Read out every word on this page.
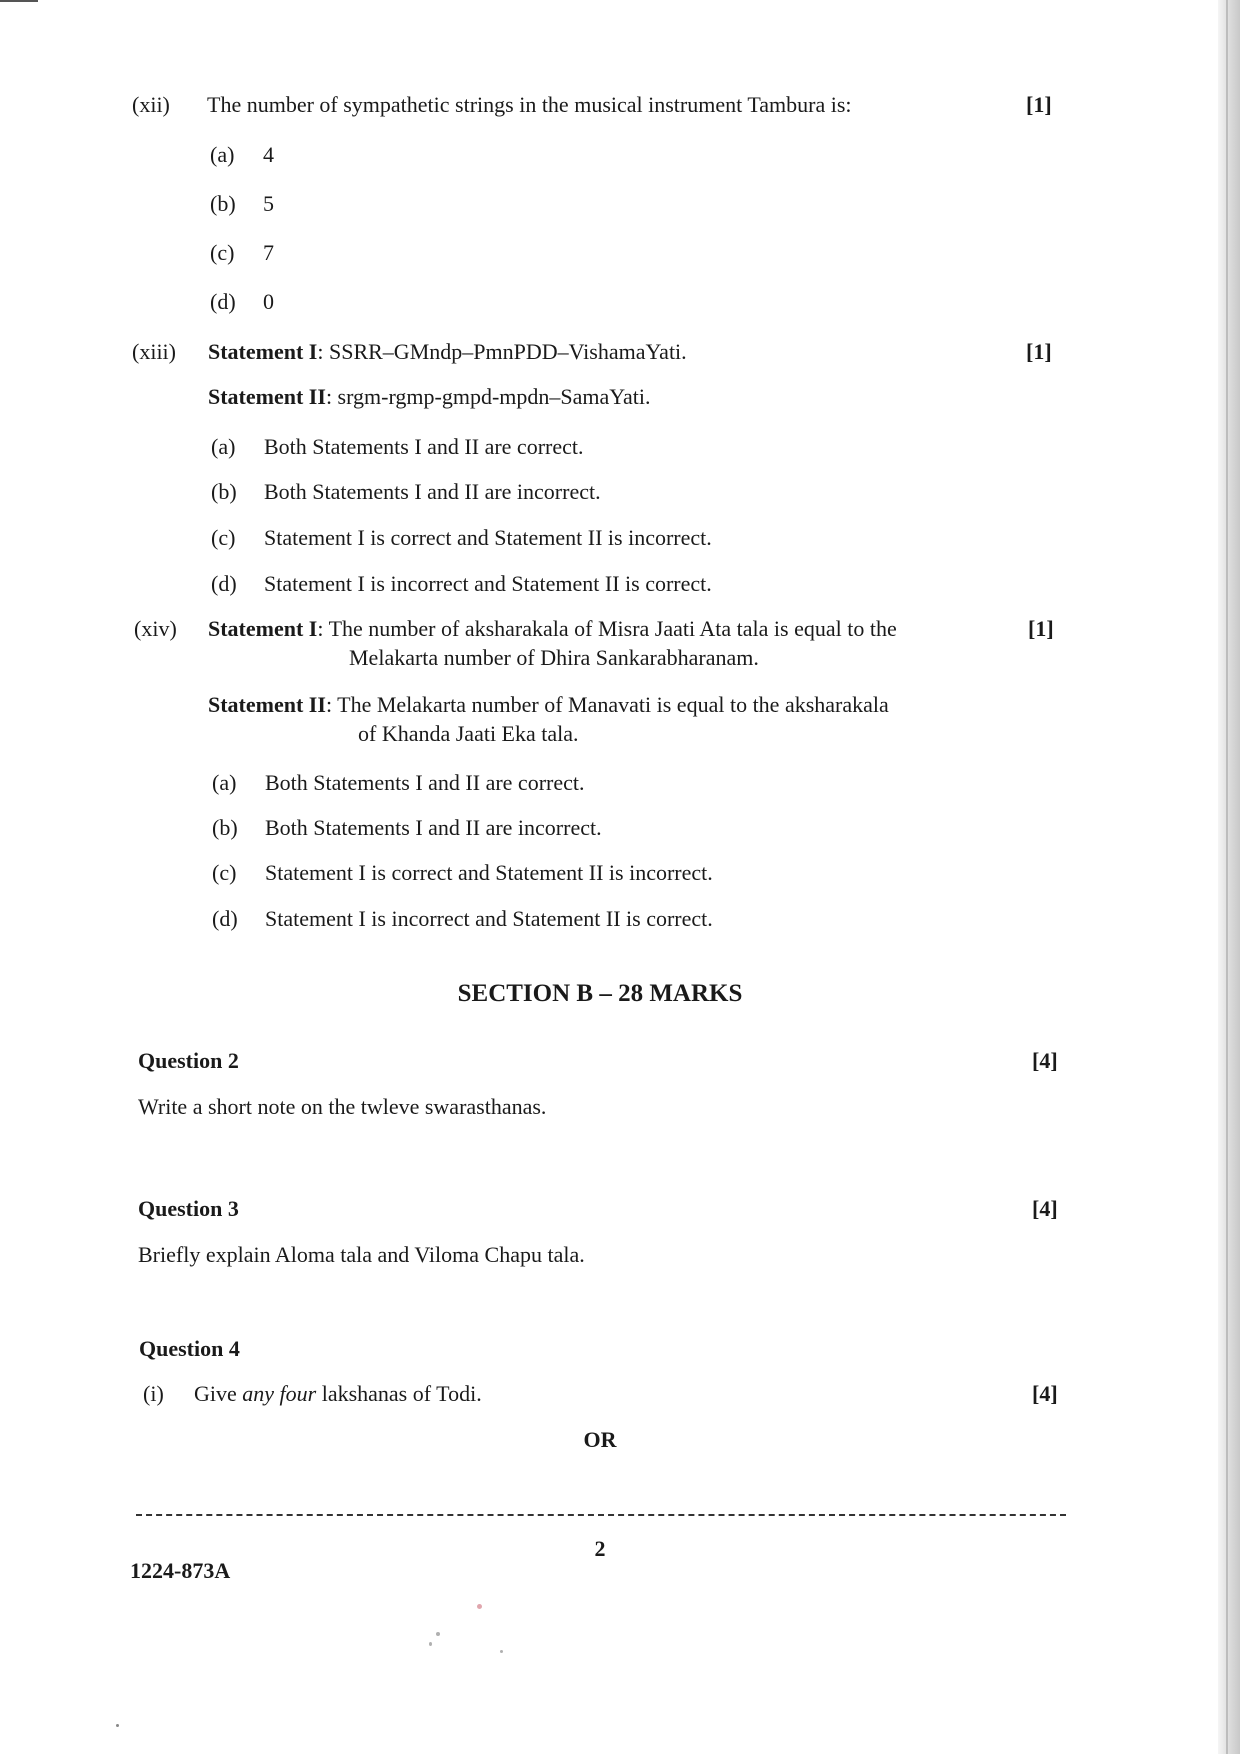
(xii) The number of sympathetic strings in the musical instrument Tambura is:	[1]
(a) 4
(b) 5
(c) 7
(d) 0
(xiii) Statement I: SSRR–GMndp–PmnPDD–VishamaYati.	[1]
Statement II: srgm-rgmp-gmpd-mpdn–SamaYati.
(a) Both Statements I and II are correct.
(b) Both Statements I and II are incorrect.
(c) Statement I is correct and Statement II is incorrect.
(d) Statement I is incorrect and Statement II is correct.
(xiv) Statement I: The number of aksharakala of Misra Jaati Ata tala is equal to the	[1]
Melakarta number of Dhira Sankarabharanam.
Statement II: The Melakarta number of Manavati is equal to the aksharakala
of Khanda Jaati Eka tala.
(a) Both Statements I and II are correct.
(b) Both Statements I and II are incorrect.
(c) Statement I is correct and Statement II is incorrect.
(d) Statement I is incorrect and Statement II is correct.
SECTION B – 28 MARKS
Question 2	[4]
Write a short note on the twleve swarasthanas.
Question 3	[4]
Briefly explain Aloma tala and Viloma Chapu tala.
Question 4
(i) Give any four lakshanas of Todi.	[4]
OR
2
1224-873A
